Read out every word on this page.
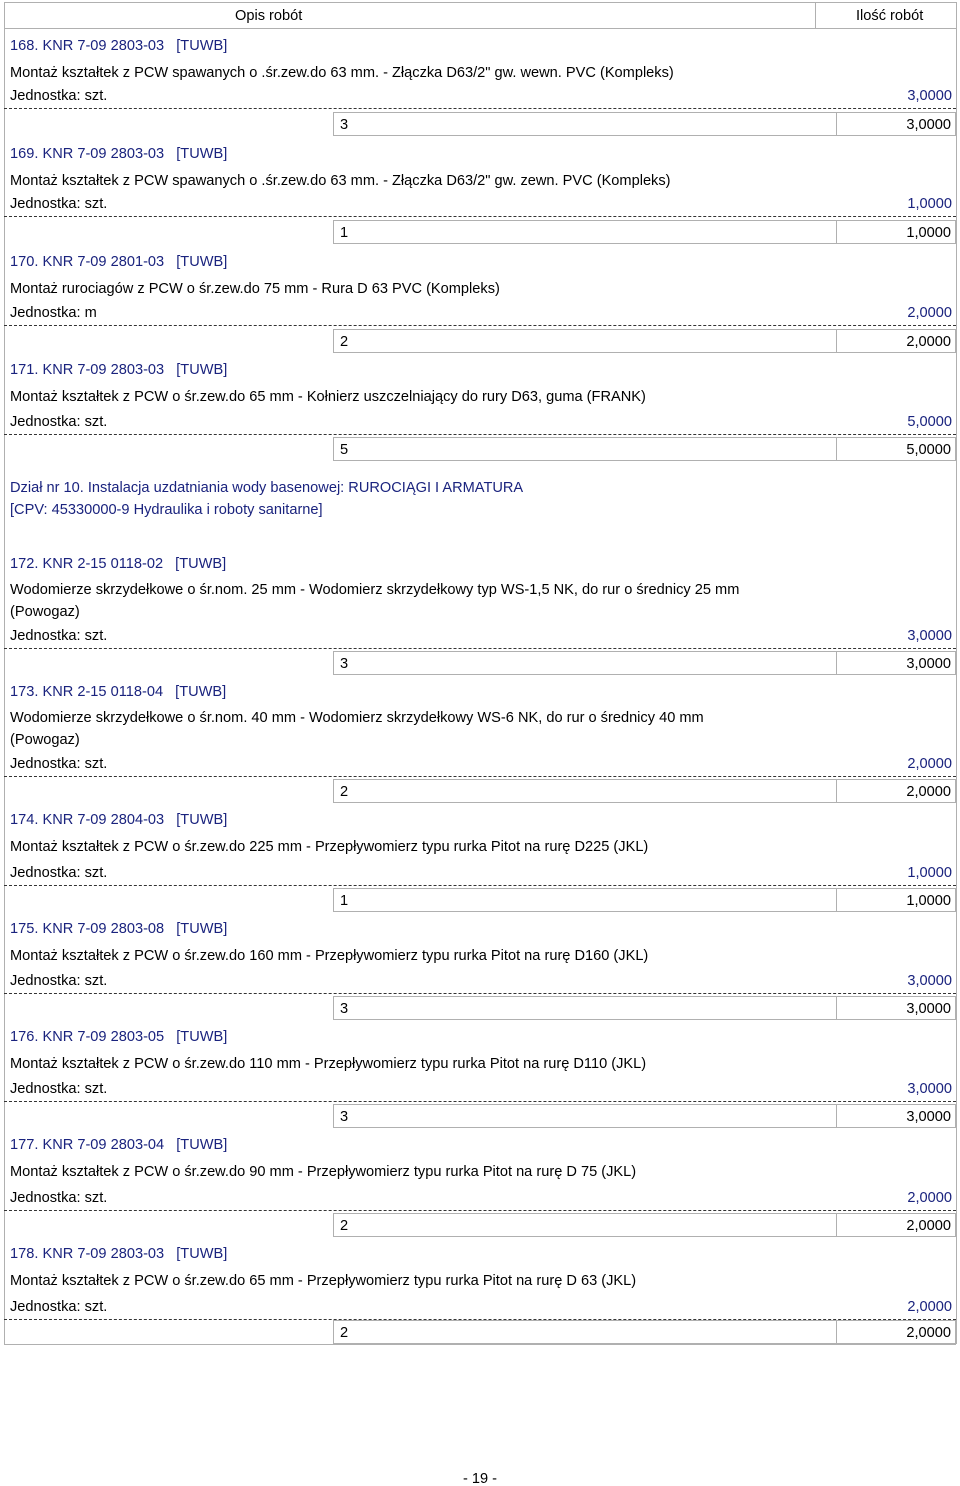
Opis robót	Ilość robót
168. KNR 7-09 2803-03 [TUWB]
Montaż kształtek z PCW spawanych o .śr.zew.do 63 mm. - Złączka D63/2" gw. wewn. PVC (Kompleks)
Jednostka: szt.	3,0000
3	3,0000
169. KNR 7-09 2803-03 [TUWB]
Montaż kształtek z PCW spawanych o .śr.zew.do 63 mm. - Złączka D63/2" gw. zewn. PVC (Kompleks)
Jednostka: szt.	1,0000
1	1,0000
170. KNR 7-09 2801-03 [TUWB]
Montaż rurociagów z PCW o śr.zew.do 75 mm - Rura D 63 PVC (Kompleks)
Jednostka: m	2,0000
2	2,0000
171. KNR 7-09 2803-03 [TUWB]
Montaż kształtek z PCW o śr.zew.do 65 mm - Kołnierz uszczelniający do rury D63, guma (FRANK)
Jednostka: szt.	5,0000
5	5,0000
Dział nr 10. Instalacja uzdatniania wody basenowej: RUROCIĄGI I ARMATURA
[CPV: 45330000-9 Hydraulika i roboty sanitarne]
172. KNR 2-15 0118-02 [TUWB]
Wodomierze skrzydełkowe o śr.nom. 25 mm - Wodomierz skrzydełkowy typ WS-1,5 NK, do rur o średnicy 25 mm
(Powogaz)
Jednostka: szt.	3,0000
3	3,0000
173. KNR 2-15 0118-04 [TUWB]
Wodomierze skrzydełkowe o śr.nom. 40 mm - Wodomierz skrzydełkowy WS-6 NK, do rur o średnicy 40 mm
(Powogaz)
Jednostka: szt.	2,0000
2	2,0000
174. KNR 7-09 2804-03 [TUWB]
Montaż kształtek z PCW o śr.zew.do 225 mm - Przepływomierz typu rurka Pitot na rurę D225 (JKL)
Jednostka: szt.	1,0000
1	1,0000
175. KNR 7-09 2803-08 [TUWB]
Montaż kształtek z PCW o śr.zew.do 160 mm - Przepływomierz typu rurka Pitot na rurę D160 (JKL)
Jednostka: szt.	3,0000
3	3,0000
176. KNR 7-09 2803-05 [TUWB]
Montaż kształtek z PCW o śr.zew.do 110 mm - Przepływomierz typu rurka Pitot na rurę D110 (JKL)
Jednostka: szt.	3,0000
3	3,0000
177. KNR 7-09 2803-04 [TUWB]
Montaż kształtek z PCW o śr.zew.do 90 mm - Przepływomierz typu rurka Pitot na rurę D 75 (JKL)
Jednostka: szt.	2,0000
2	2,0000
178. KNR 7-09 2803-03 [TUWB]
Montaż kształtek z PCW o śr.zew.do 65 mm - Przepływomierz typu rurka Pitot na rurę D 63 (JKL)
Jednostka: szt.	2,0000
2	2,0000
- 19 -
